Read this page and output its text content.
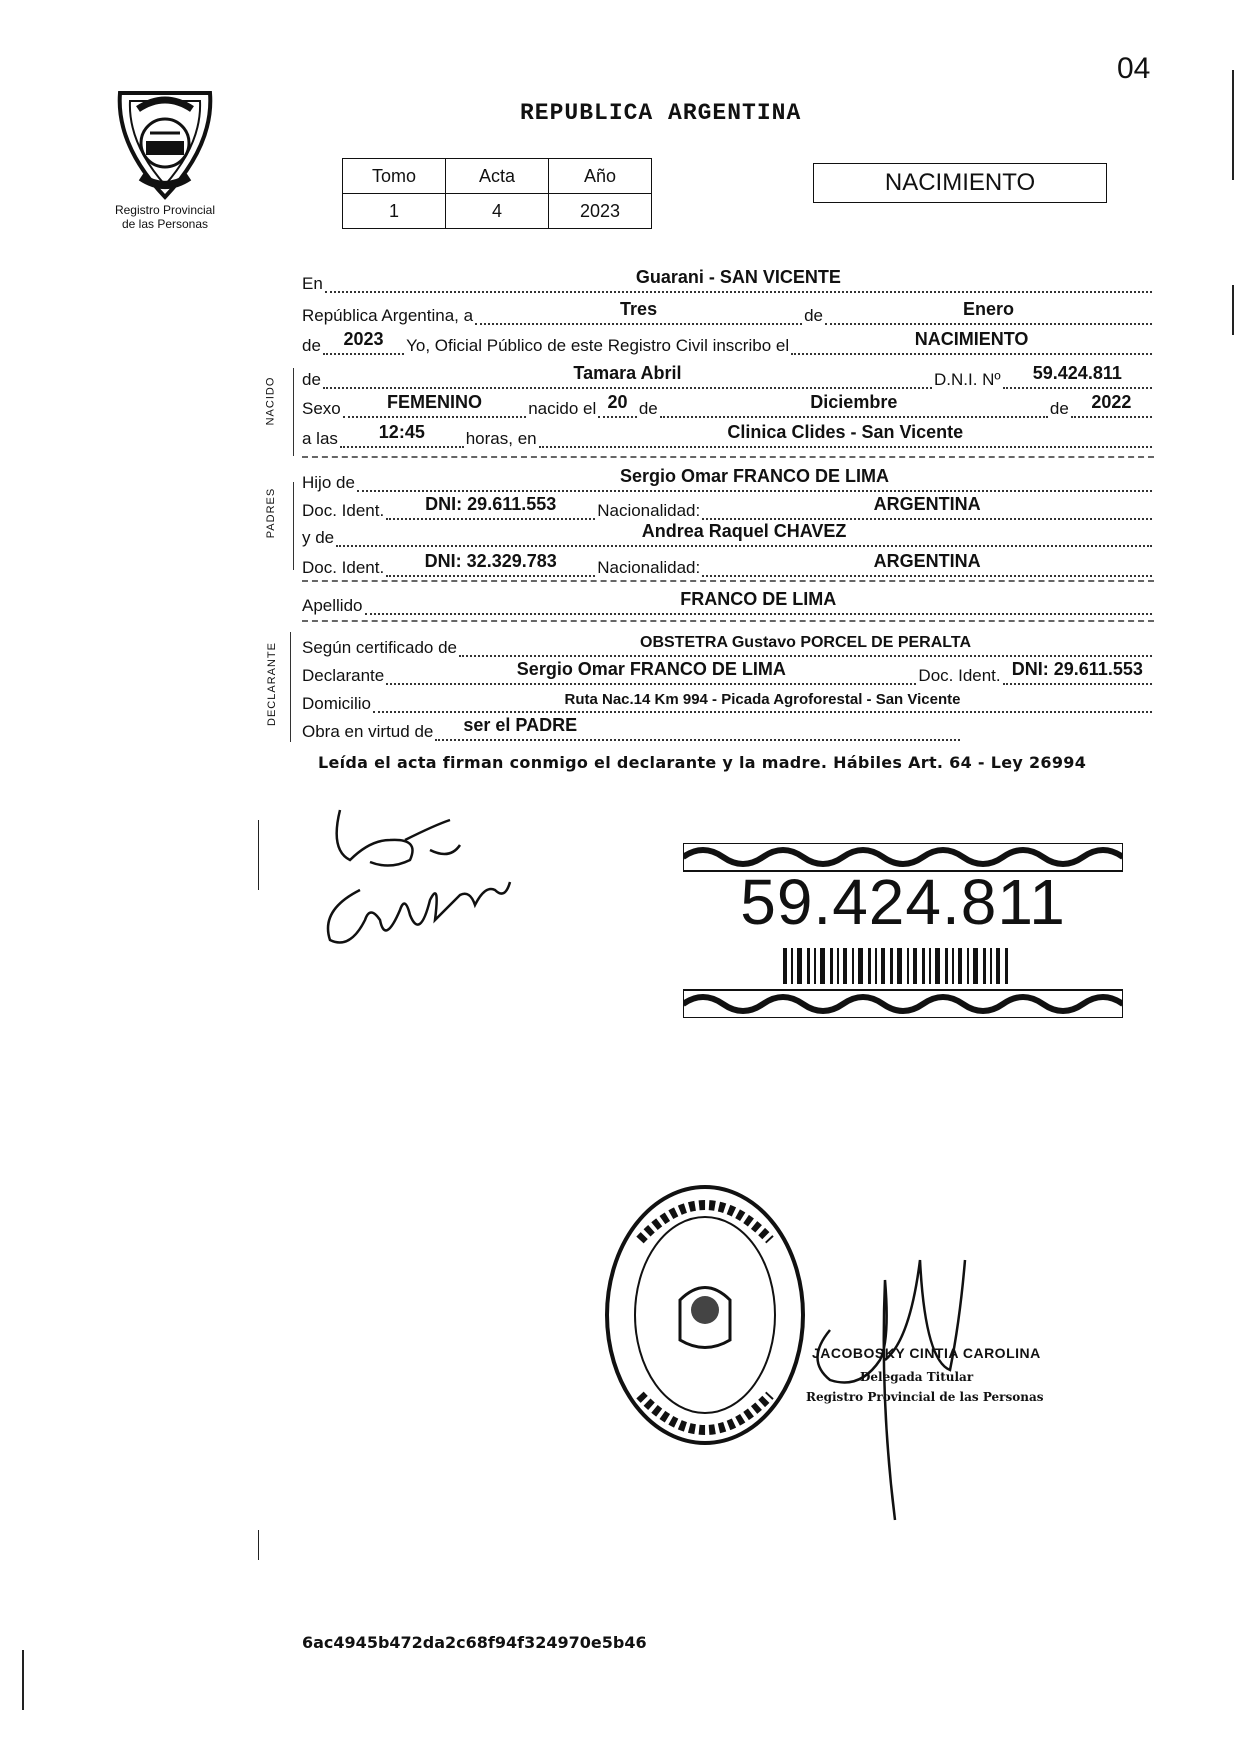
04
Registro Provincial
de las Personas
REPUBLICA ARGENTINA
Tomo	Acta	Año
1	4	2023
NACIMIENTO
NACIDO
PADRES
DECLARANTE
En	Guarani - SAN VICENTE
República Argentina, a	Tres	de	Enero
de	2023	Yo, Oficial Público de este Registro Civil inscribo el	NACIMIENTO
de	Tamara Abril	D.N.I. Nº	59.424.811
Sexo	FEMENINO	nacido el 20 de	Diciembre	de	2022
a las	12:45	horas, en	Clinica Clides - San Vicente
Hijo de	Sergio Omar FRANCO DE LIMA
Doc. Ident.	DNI: 29.611.553	Nacionalidad:	ARGENTINA
y de	Andrea Raquel CHAVEZ
Doc. Ident.	DNI: 32.329.783	Nacionalidad:	ARGENTINA
Apellido	FRANCO DE LIMA
Según certificado de	OBSTETRA Gustavo PORCEL DE PERALTA
Declarante	Sergio Omar FRANCO DE LIMA	Doc. Ident. DNI: 29.611.553
Domicilio	Ruta Nac.14 Km 994 - Picada Agroforestal - San Vicente
Obra en virtud de	ser el PADRE
Leída el acta firman conmigo el declarante y la madre. Hábiles Art. 64 - Ley 26994
59.424.811
JACOBOSKY CINTIA CAROLINA
Delegada Titular
Registro Provincial de las Personas
6ac4945b472da2c68f94f324970e5b46
